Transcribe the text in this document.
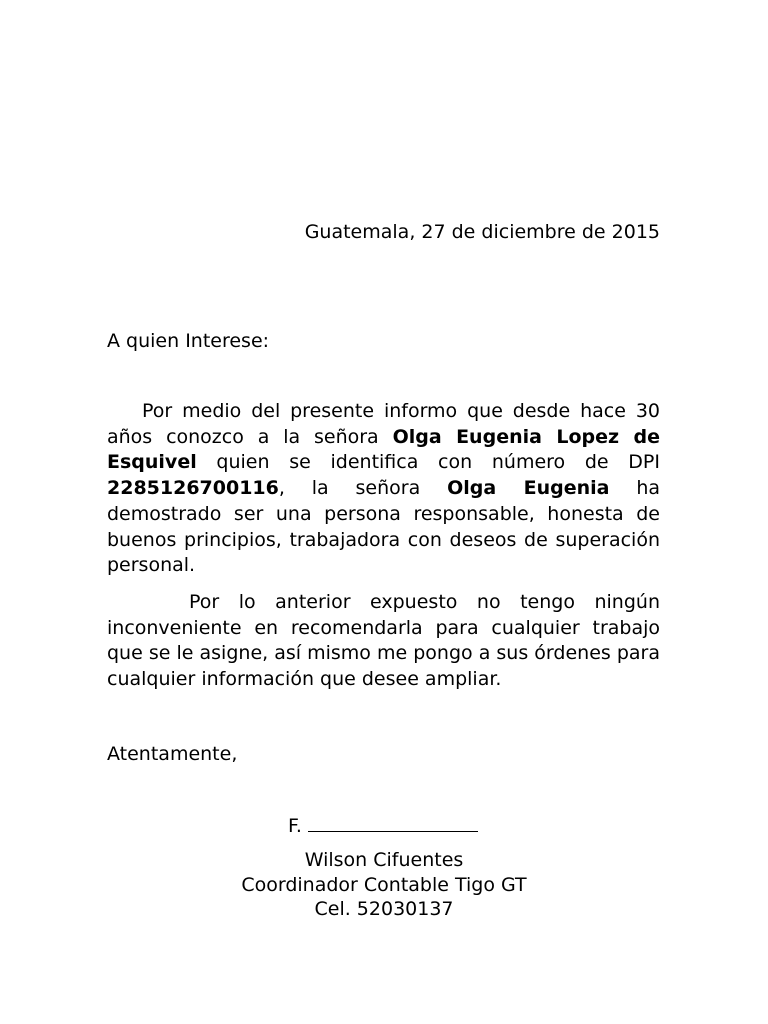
Guatemala, 27 de diciembre de 2015
A quien Interese:

Por medio del presente informo que desde hace 30 años conozco a la señora Olga Eugenia Lopez de Esquivel quien se identifica con número de DPI 2285126700116, la señora Olga Eugenia ha demostrado ser una persona responsable, honesta de buenos principios, trabajadora con deseos de superación personal.

Por lo anterior expuesto no tengo ningún inconveniente en recomendarla para cualquier trabajo que se le asigne, así mismo me pongo a sus órdenes para cualquier información que desee ampliar.

Atentamente,
F.
Wilson Cifuentes
Coordinador Contable Tigo GT
Cel. 52030137
